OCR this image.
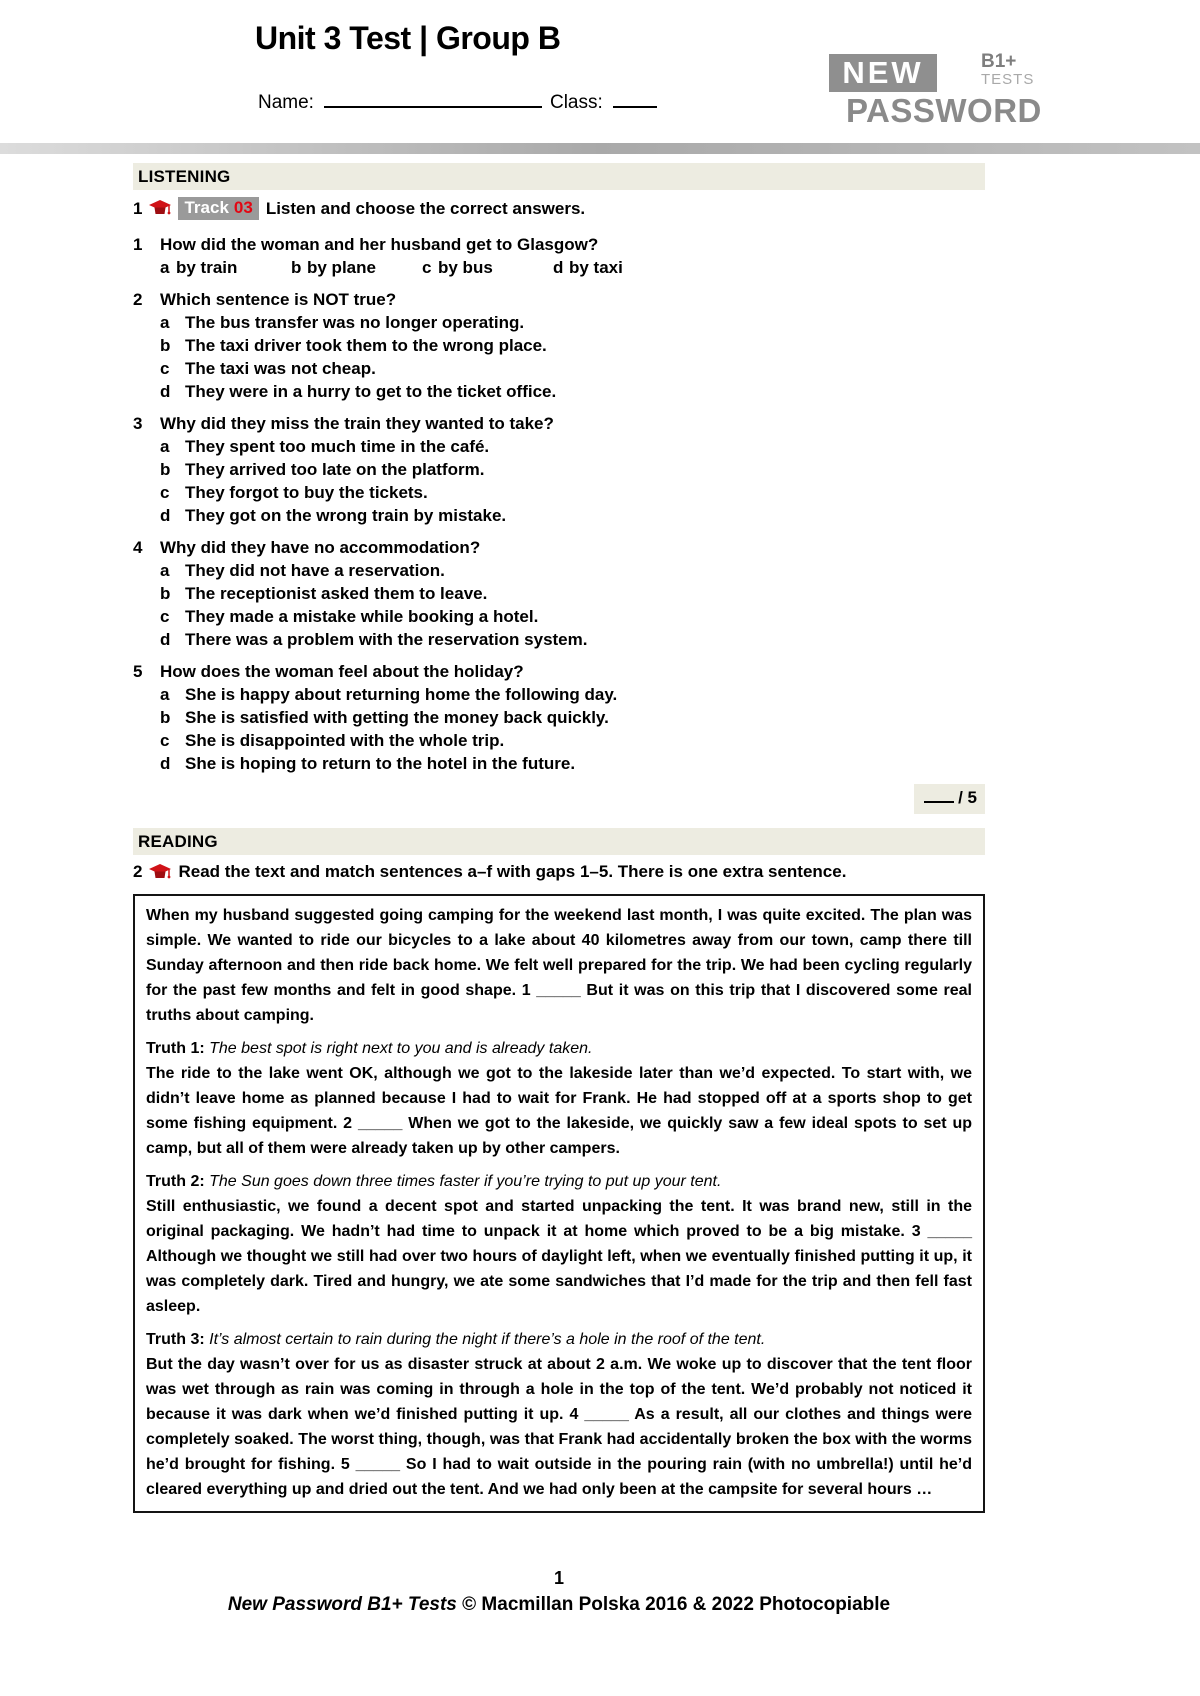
Unit 3 Test | Group B
Name:	Class:
NEW	B1+
TESTS
PASSWORD
LISTENING
1	Track 03 Listen and choose the correct answers.
1	How did the woman and her husband get to Glasgow?
a by train	b by plane	c by bus	d by taxi
2	Which sentence is NOT true?
a The bus transfer was no longer operating.
b The taxi driver took them to the wrong place.
c The taxi was not cheap.
d They were in a hurry to get to the ticket office.
3	Why did they miss the train they wanted to take?
a They spent too much time in the café.
b They arrived too late on the platform.
c They forgot to buy the tickets.
d They got on the wrong train by mistake.
4	Why did they have no accommodation?
a They did not have a reservation.
b The receptionist asked them to leave.
c They made a mistake while booking a hotel.
d There was a problem with the reservation system.
5	How does the woman feel about the holiday?
a She is happy about returning home the following day.
b She is satisfied with getting the money back quickly.
c She is disappointed with the whole trip.
d She is hoping to return to the hotel in the future.
/ 5
READING
2 Read the text and match sentences a–f with gaps 1–5. There is one extra sentence.

When my husband suggested going camping for the weekend last month, I was quite excited. The plan was simple. We wanted to ride our bicycles to a lake about 40 kilometres away from our town, camp there till Sunday afternoon and then ride back home. We felt well prepared for the trip. We had been cycling regularly for the past few months and felt in good shape. 1 _____ But it was on this trip that I discovered some real truths about camping.

Truth 1: The best spot is right next to you and is already taken.
The ride to the lake went OK, although we got to the lakeside later than we’d expected. To start with, we didn’t leave home as planned because I had to wait for Frank. He had stopped off at a sports shop to get some fishing equipment. 2 _____ When we got to the lakeside, we quickly saw a few ideal spots to set up camp, but all of them were already taken up by other campers.

Truth 2: The Sun goes down three times faster if you’re trying to put up your tent.
Still enthusiastic, we found a decent spot and started unpacking the tent. It was brand new, still in the original packaging. We hadn’t had time to unpack it at home which proved to be a big mistake. 3 _____ Although we thought we still had over two hours of daylight left, when we eventually finished putting it up, it was completely dark. Tired and hungry, we ate some sandwiches that I’d made for the trip and then fell fast asleep.

Truth 3: It’s almost certain to rain during the night if there’s a hole in the roof of the tent.
But the day wasn’t over for us as disaster struck at about 2 a.m. We woke up to discover that the tent floor was wet through as rain was coming in through a hole in the top of the tent. We’d probably not noticed it because it was dark when we’d finished putting it up. 4 _____ As a result, all our clothes and things were completely soaked. The worst thing, though, was that Frank had accidentally broken the box with the worms he’d brought for fishing. 5 _____ So I had to wait outside in the pouring rain (with no umbrella!) until he’d cleared everything up and dried out the tent. And we had only been at the campsite for several hours …

1
New Password B1+ Tests © Macmillan Polska 2016 & 2022 Photocopiable
